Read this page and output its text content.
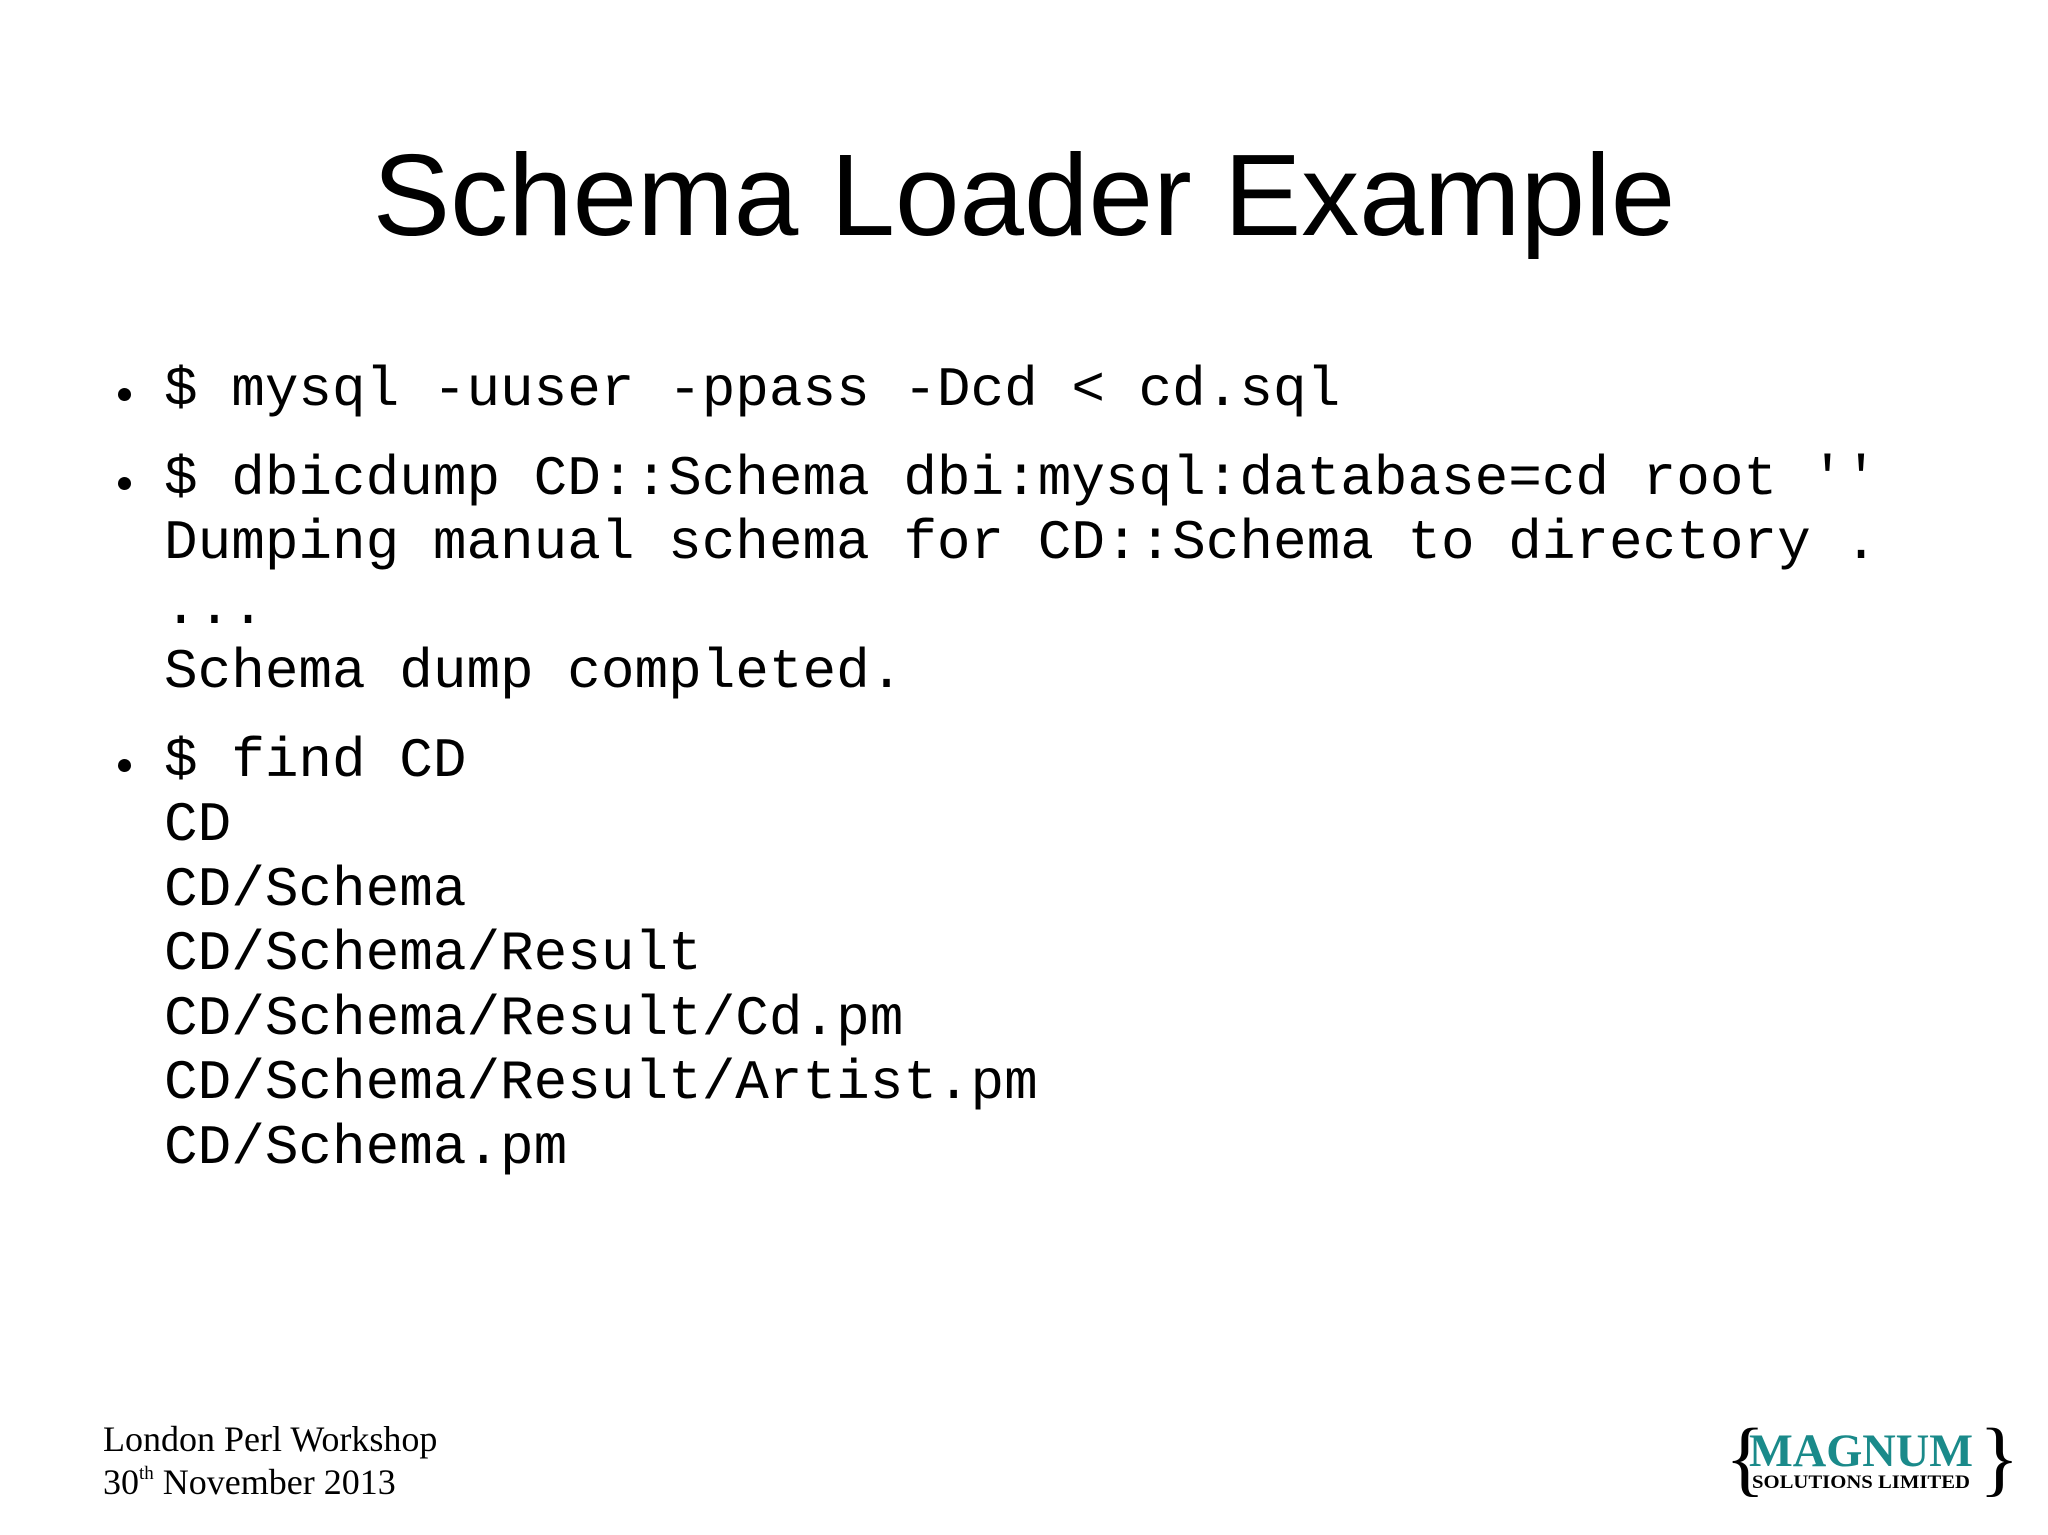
Schema Loader Example
$ mysql -uuser -ppass -Dcd < cd.sql
$ dbicdump CD::Schema dbi:mysql:database=cd root ''
Dumping manual schema for CD::Schema to directory .
...
Schema dump completed.
$ find CD
CD
CD/Schema
CD/Schema/Result
CD/Schema/Result/Cd.pm
CD/Schema/Result/Artist.pm
CD/Schema.pm
London Perl Workshop
30th November 2013	{
MAGNUM
SOLUTIONS LIMITED }
